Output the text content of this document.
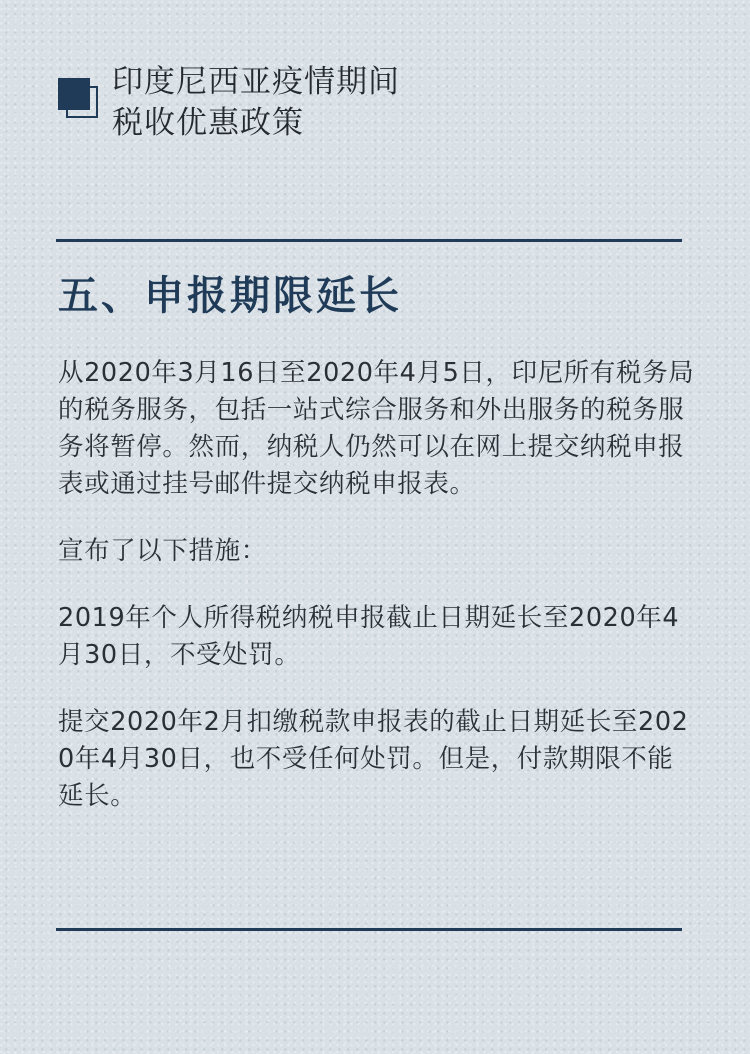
印度尼西亚疫情期间
税收优惠政策
五、申报期限延长

从2020年3月16日至2020年4月5日，印尼所有税务局的税务服务，包括一站式综合服务和外出服务的税务服务将暂停。然而，纳税人仍然可以在网上提交纳税申报表或通过挂号邮件提交纳税申报表。

宣布了以下措施：

2019年个人所得税纳税申报截止日期延长至2020年4月30日，不受处罚。

提交2020年2月扣缴税款申报表的截止日期延长至2020年4月30日，也不受任何处罚。但是，付款期限不能延长。
